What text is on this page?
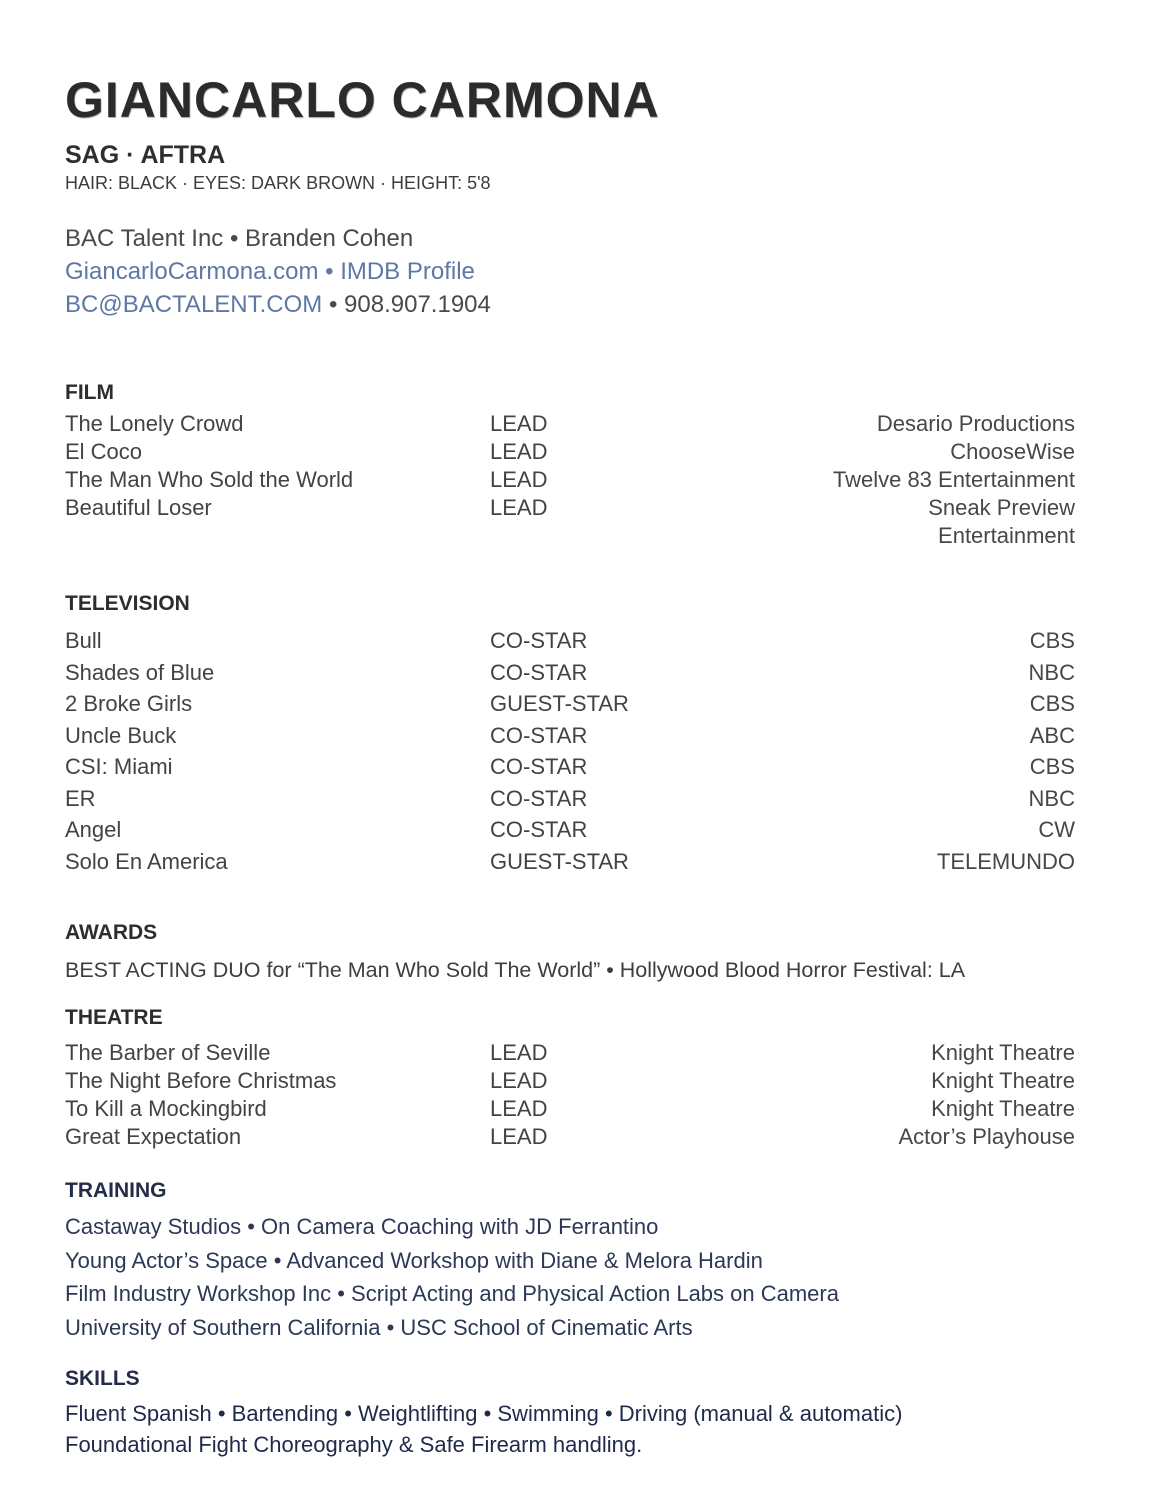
GIANCARLO CARMONA
SAG · AFTRA
HAIR: BLACK · EYES: DARK BROWN · HEIGHT: 5'8
BAC Talent Inc • Branden Cohen
GiancarloCarmona.com • IMDB Profile
BC@BACTALENT.COM • 908.907.1904
FILM
The Lonely Crowd	LEAD	Desario Productions
El Coco	LEAD	ChooseWise
The Man Who Sold the World	LEAD	Twelve 83 Entertainment
Beautiful Loser	LEAD	Sneak Preview Entertainment
TELEVISION
Bull	CO-STAR	CBS
Shades of Blue	CO-STAR	NBC
2 Broke Girls	GUEST-STAR	CBS
Uncle Buck	CO-STAR	ABC
CSI: Miami	CO-STAR	CBS
ER	CO-STAR	NBC
Angel	CO-STAR	CW
Solo En America	GUEST-STAR	TELEMUNDO
AWARDS
BEST ACTING DUO for “The Man Who Sold The World” • Hollywood Blood Horror Festival: LA
THEATRE
The Barber of Seville	LEAD	Knight Theatre
The Night Before Christmas	LEAD	Knight Theatre
To Kill a Mockingbird	LEAD	Knight Theatre
Great Expectation	LEAD	Actor’s Playhouse
TRAINING
Castaway Studios • On Camera Coaching with JD Ferrantino
Young Actor’s Space • Advanced Workshop with Diane & Melora Hardin
Film Industry Workshop Inc • Script Acting and Physical Action Labs on Camera
University of Southern California • USC School of Cinematic Arts
SKILLS
Fluent Spanish • Bartending • Weightlifting • Swimming • Driving (manual & automatic)
Foundational Fight Choreography & Safe Firearm handling.
